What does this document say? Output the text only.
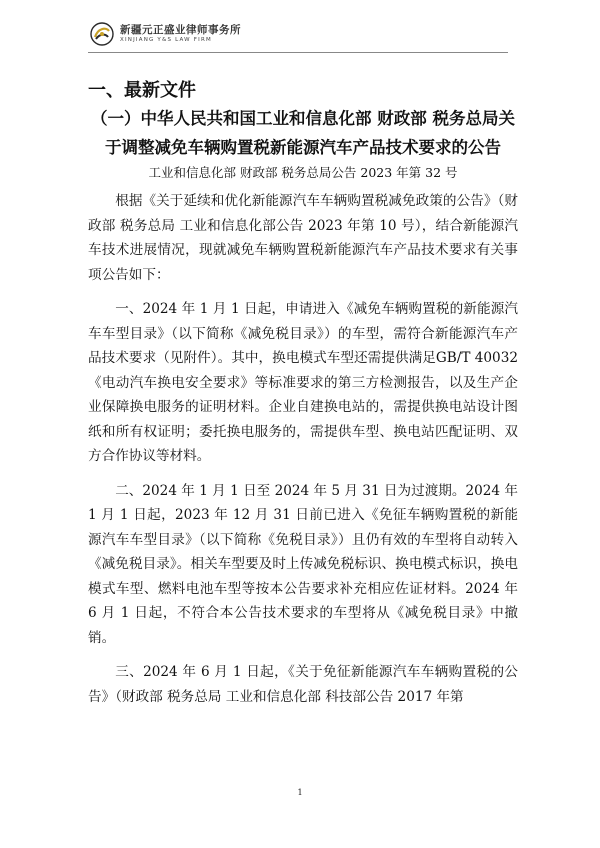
新疆元正盛业律师事务所
XINJIANG Y&S LAW FIRM
一、最新文件
（一）中华人民共和国工业和信息化部 财政部 税务总局关于调整减免车辆购置税新能源汽车产品技术要求的公告
工业和信息化部 财政部 税务总局公告 2023 年第 32 号

根据《关于延续和优化新能源汽车车辆购置税减免政策的公告》（财政部 税务总局 工业和信息化部公告 2023 年第 10 号），结合新能源汽车技术进展情况，现就减免车辆购置税新能源汽车产品技术要求有关事项公告如下：

一、2024 年 1 月 1 日起，申请进入《减免车辆购置税的新能源汽车车型目录》（以下简称《减免税目录》）的车型，需符合新能源汽车产品技术要求（见附件）。其中，换电模式车型还需提供满足GB/T 40032《电动汽车换电安全要求》等标准要求的第三方检测报告，以及生产企业保障换电服务的证明材料。企业自建换电站的，需提供换电站设计图纸和所有权证明；委托换电服务的，需提供车型、换电站匹配证明、双方合作协议等材料。

二、2024 年 1 月 1 日至 2024 年 5 月 31 日为过渡期。2024 年 1 月 1 日起，2023 年 12 月 31 日前已进入《免征车辆购置税的新能源汽车车型目录》（以下简称《免税目录》）且仍有效的车型将自动转入《减免税目录》。相关车型要及时上传减免税标识、换电模式标识，换电模式车型、燃料电池车型等按本公告要求补充相应佐证材料。2024 年 6 月 1 日起，不符合本公告技术要求的车型将从《减免税目录》中撤销。

三、2024 年 6 月 1 日起，《关于免征新能源汽车车辆购置税的公告》（财政部 税务总局 工业和信息化部 科技部公告 2017 年第

1
